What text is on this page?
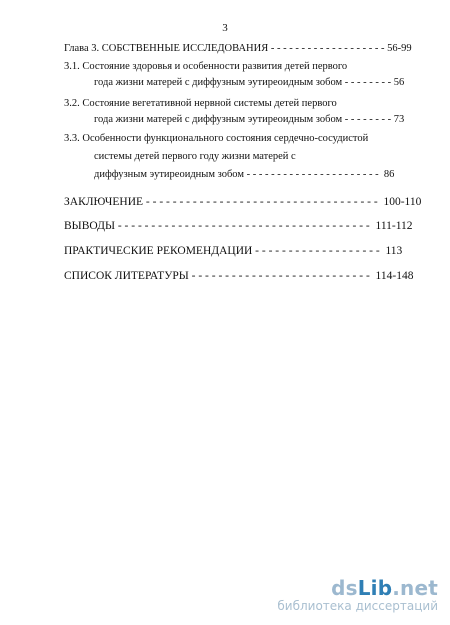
3
Глава 3. СОБСТВЕННЫЕ ИССЛЕДОВАНИЯ - - - - - - - - - - - - - - - - - - - 56-99
3.1. Состояние здоровья и особенности развития детей первого
года жизни матерей с диффузным эутиреоидным зобом - - - - - - - - 56
3.2. Состояние вегетативной нервной системы детей первого
года жизни матерей с диффузным эутиреоидным зобом - - - - - - - - 73
3.3. Особенности функционального состояния сердечно-сосудистой
системы детей первого году жизни матерей с
диффузным эутиреоидным зобом - - - - - - - - - - - - - - - - - - - - - -  86
ЗАКЛЮЧЕНИЕ - - - - - - - - - - - - - - - - - - - - - - - - - - - - - - - - - - -  100-110
ВЫВОДЫ - - - - - - - - - - - - - - - - - - - - - - - - - - - - - - - - - - - - - -  111-112
ПРАКТИЧЕСКИЕ РЕКОМЕНДАЦИИ - - - - - - - - - - - - - - - - - - -  113
СПИСОК ЛИТЕРАТУРЫ - - - - - - - - - - - - - - - - - - - - - - - - - - -  114-148
dsLib.net
библиотека диссертаций
